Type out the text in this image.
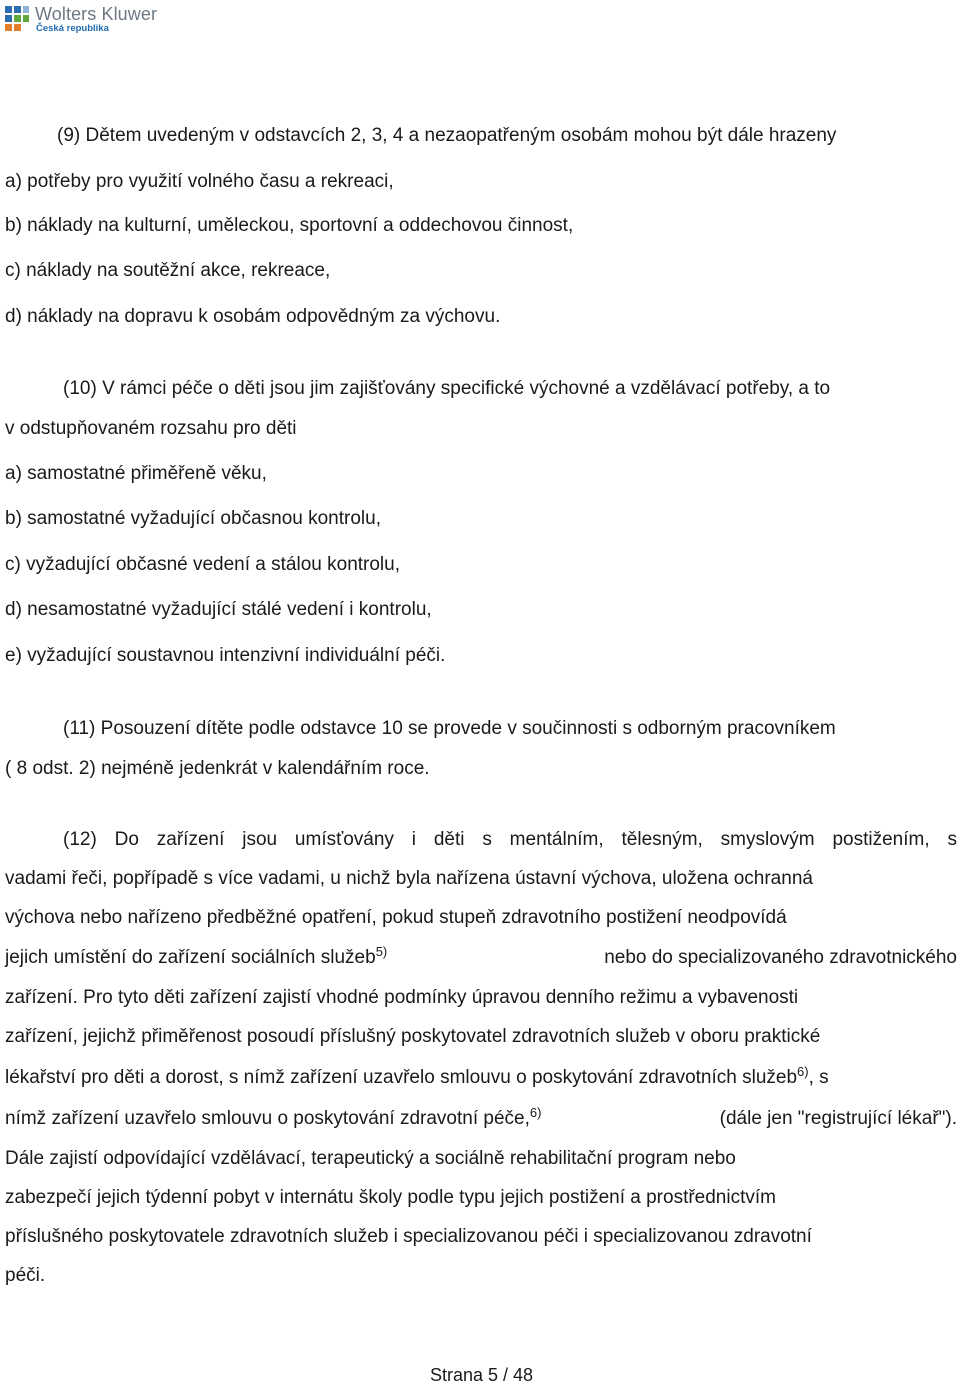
Wolters Kluwer
Česká republika
(9) Dětem uvedeným v odstavcích 2, 3, 4 a nezaopatřeným osobám mohou být dále hrazeny
a) potřeby pro využití volného času a rekreaci,
b) náklady na kulturní, uměleckou, sportovní a oddechovou činnost,
c) náklady na soutěžní akce, rekreace,
d) náklady na dopravu k osobám odpovědným za výchovu.
(10) V rámci péče o děti jsou jim zajišťovány specifické výchovné a vzdělávací potřeby, a to
v odstupňovaném rozsahu pro děti
a) samostatné přiměřeně věku,
b) samostatné vyžadující občasnou kontrolu,
c) vyžadující občasné vedení a stálou kontrolu,
d) nesamostatné vyžadující stálé vedení i kontrolu,
e) vyžadující soustavnou intenzivní individuální péči.
(11) Posouzení dítěte podle odstavce 10 se provede v součinnosti s odborným pracovníkem
( 8 odst. 2) nejméně jedenkrát v kalendářním roce.
(12) Do zařízení jsou umísťovány i děti s mentálním, tělesným, smyslovým postižením, s
vadami řeči, popřípadě s více vadami, u nichž byla nařízena ústavní výchova, uložena ochranná
výchova nebo nařízeno předběžné opatření, pokud stupeň zdravotního postižení neodpovídá
jejich umístění do zařízení sociálních služeb$^{5)}$	nebo do specializovaného zdravotnického
zařízení. Pro tyto děti zařízení zajistí vhodné podmínky úpravou denního režimu a vybavenosti
zařízení, jejichž přiměřenost posoudí příslušný poskytovatel zdravotních služeb v oboru praktické
lékařství pro děti a dorost, s nímž zařízení uzavřelo smlouvu o poskytování zdravotních služeb$^{6)}$, s
nímž zařízení uzavřelo smlouvu o poskytování zdravotní péče,$^{6)}$	(dále jen "registrující lékař").
Dále zajistí odpovídající vzdělávací, terapeutický a sociálně rehabilitační program nebo
zabezpečí jejich týdenní pobyt v internátu školy podle typu jejich postižení a prostřednictvím
příslušného poskytovatele zdravotních služeb i specializovanou péči i specializovanou zdravotní
péči.
Strana 5 / 48
